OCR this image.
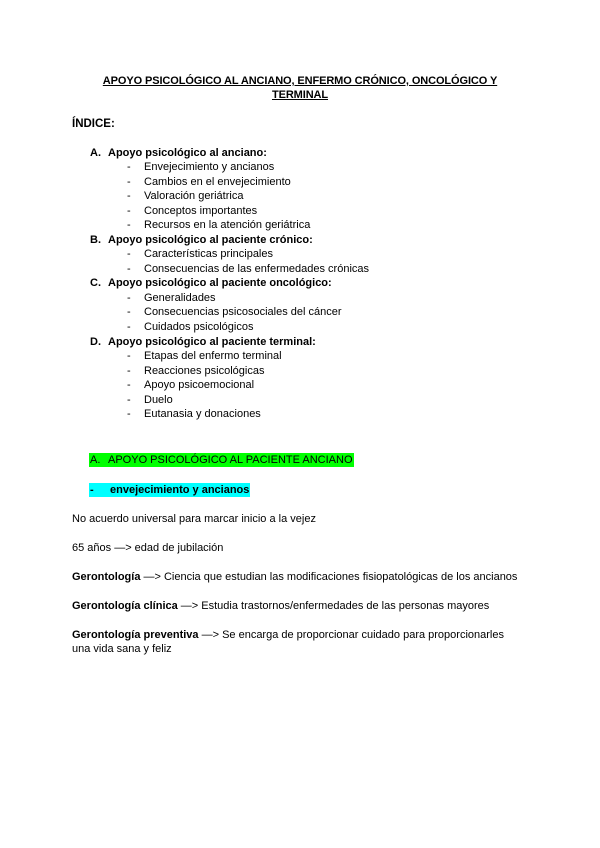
APOYO PSICOLÓGICO AL ANCIANO, ENFERMO CRÓNICO, ONCOLÓGICO Y
TERMINAL
ÍNDICE:
A. Apoyo psicológico al anciano:
- Envejecimiento y ancianos
- Cambios en el envejecimiento
- Valoración geriátrica
- Conceptos importantes
- Recursos en la atención geriátrica
B. Apoyo psicológico al paciente crónico:
- Características principales
- Consecuencias de las enfermedades crónicas
C. Apoyo psicológico al paciente oncológico:
- Generalidades
- Consecuencias psicosociales del cáncer
- Cuidados psicológicos
D. Apoyo psicológico al paciente terminal:
- Etapas del enfermo terminal
- Reacciones psicológicas
- Apoyo psicoemocional
- Duelo
- Eutanasia y donaciones
A. APOYO PSICOLÓGICO AL PACIENTE ANCIANO
- envejecimiento y ancianos
No acuerdo universal para marcar inicio a la vejez
65 años —> edad de jubilación
Gerontología —> Ciencia que estudian las modificaciones fisiopatológicas de los ancianos
Gerontología clínica —> Estudia trastornos/enfermedades de las personas mayores
Gerontología preventiva —> Se encarga de proporcionar cuidado para proporcionarles
una vida sana y feliz
